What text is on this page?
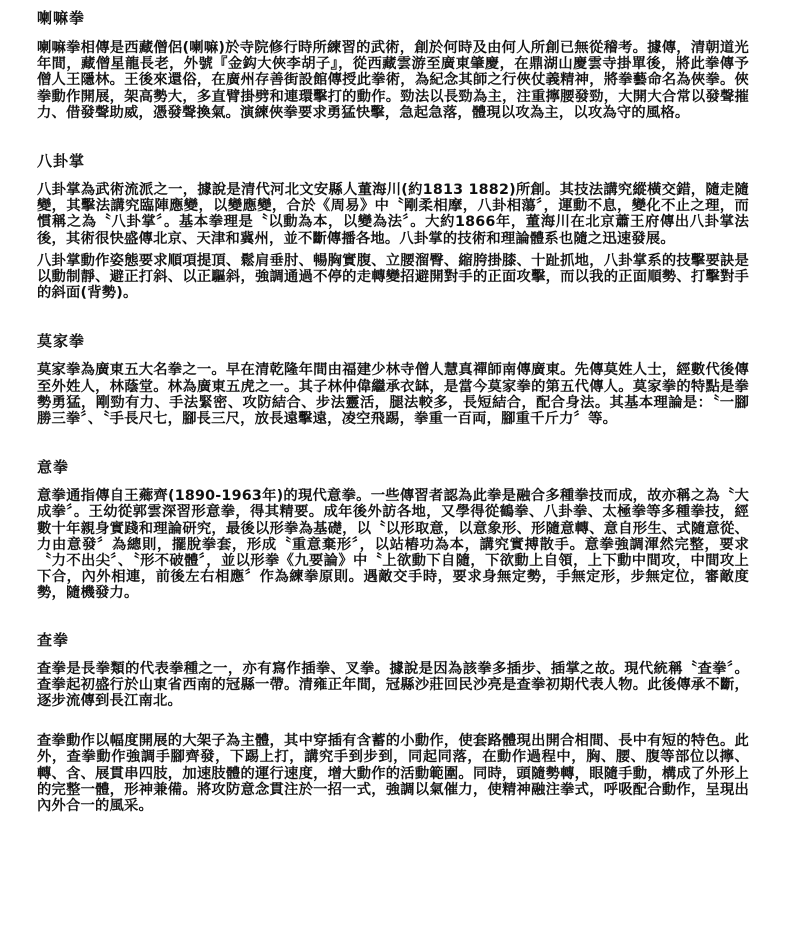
喇嘛拳

喇嘛拳相傳是西藏僧侶(喇嘛)於寺院修行時所練習的武術，創於何時及由何人所創已無從稽考。據傳，清朝道光年間，藏僧星龍長老，外號『金鈎大俠李胡子』，從西藏雲游至廣東肇慶，在鼎湖山慶雲寺掛單後，將此拳傳予僧人王隱林。王後來還俗，在廣州存善街設館傳授此拳術，為紀念其師之行俠仗義精神，將拳藝命名為俠拳。俠拳動作開展，架高勢大，多直臂掛劈和連環擊打的動作。勁法以長勁為主，注重擰腰發勁，大開大合常以發聲摧力、借發聲助威，憑發聲換氣。演練俠拳要求勇猛快擊，急起急落，體現以攻為主，以攻為守的風格。

八卦掌

八卦掌為武術流派之一，據說是清代河北文安縣人董海川(約1813 1882)所創。其技法講究縱橫交錯，隨走隨變，其擊法講究臨陣應變，以變應變，合於《周易》中〝剛柔相摩，八卦相蕩〞，運動不息，變化不止之理，而慣稱之為〝八卦掌〞。基本拳理是〝以動為本，以變為法〞。大約1866年，董海川在北京蕭王府傳出八卦掌法後，其術很快盛傳北京、天津和冀州，並不斷傳播各地。八卦掌的技術和理論體系也隨之迅速發展。

八卦掌動作姿態要求順項提頂、鬆肩垂肘、暢胸實腹、立腰溜臀、縮胯掛膝、十趾抓地，八卦掌系的技擊要訣是以動制靜、避正打斜、以正驅斜，強調通過不停的走轉變招避開對手的正面攻擊，而以我的正面順勢、打擊對手的斜面(背勢)。

莫家拳

莫家拳為廣東五大名拳之一。早在清乾隆年間由福建少林寺僧人慧真禪師南傳廣東。先傳莫姓人士，經數代後傳至外姓人，林蔭堂。林為廣東五虎之一。其子林仲偉繼承衣缽，是當今莫家拳的第五代傳人。莫家拳的特點是拳勢勇猛，剛勁有力、手法緊密、攻防結合、步法靈活，腿法較多，長短結合，配合身法。其基本理論是：〝一腳勝三拳〞、〝手長尺七，腳長三尺，放長遠擊遠，凌空飛踢，拳重一百両，腳重千斤力〞等。

意拳

意拳通指傳自王薌齊(1890-1963年)的現代意拳。一些傳習者認為此拳是融合多種拳技而成，故亦稱之為〝大成拳〞。王幼從郭雲深習形意拳，得其精要。成年後外訪各地，又學得從鶴拳、八卦拳、太極拳等多種拳技，經數十年親身實踐和理論研究，最後以形拳為基礎，以〝以形取意，以意象形、形隨意轉、意自形生、式隨意從、力由意發〞為總則，擺脫拳套，形成〝重意棄形〞，以站樁功為本，講究實搏散手。意拳強調渾然完整，要求〝力不出尖〞、〝形不破體〞，並以形拳《九要論》中〝上欲動下自隨，下欲動上自領，上下動中間攻，中間攻上下合，內外相連，前後左右相應〞作為練拳原則。遇敵交手時，要求身無定勢，手無定形，步無定位，審敵度勢，隨機發力。

查拳

查拳是長拳類的代表拳種之一，亦有寫作插拳、叉拳。據說是因為該拳多插步、插掌之故。現代統稱〝查拳〞。查拳起初盛行於山東省西南的冠縣一帶。清雍正年間，冠縣沙莊回民沙亮是查拳初期代表人物。此後傳承不斷，逐步流傳到長江南北。

查拳動作以幅度開展的大架子為主體，其中穿插有含蓄的小動作，使套路體現出開合相間、長中有短的特色。此外，查拳動作強調手腳齊發，下踢上打，講究手到步到，同起同落，在動作過程中，胸、腰、腹等部位以擰、轉、含、展貫串四肢，加速肢體的運行速度，增大動作的活動範圍。同時，頭隨勢轉，眼隨手動，構成了外形上的完整一體，形神兼備。將攻防意念貫注於一招一式，強調以氣催力，使精神融注拳式，呼吸配合動作，呈現出內外合一的風采。
